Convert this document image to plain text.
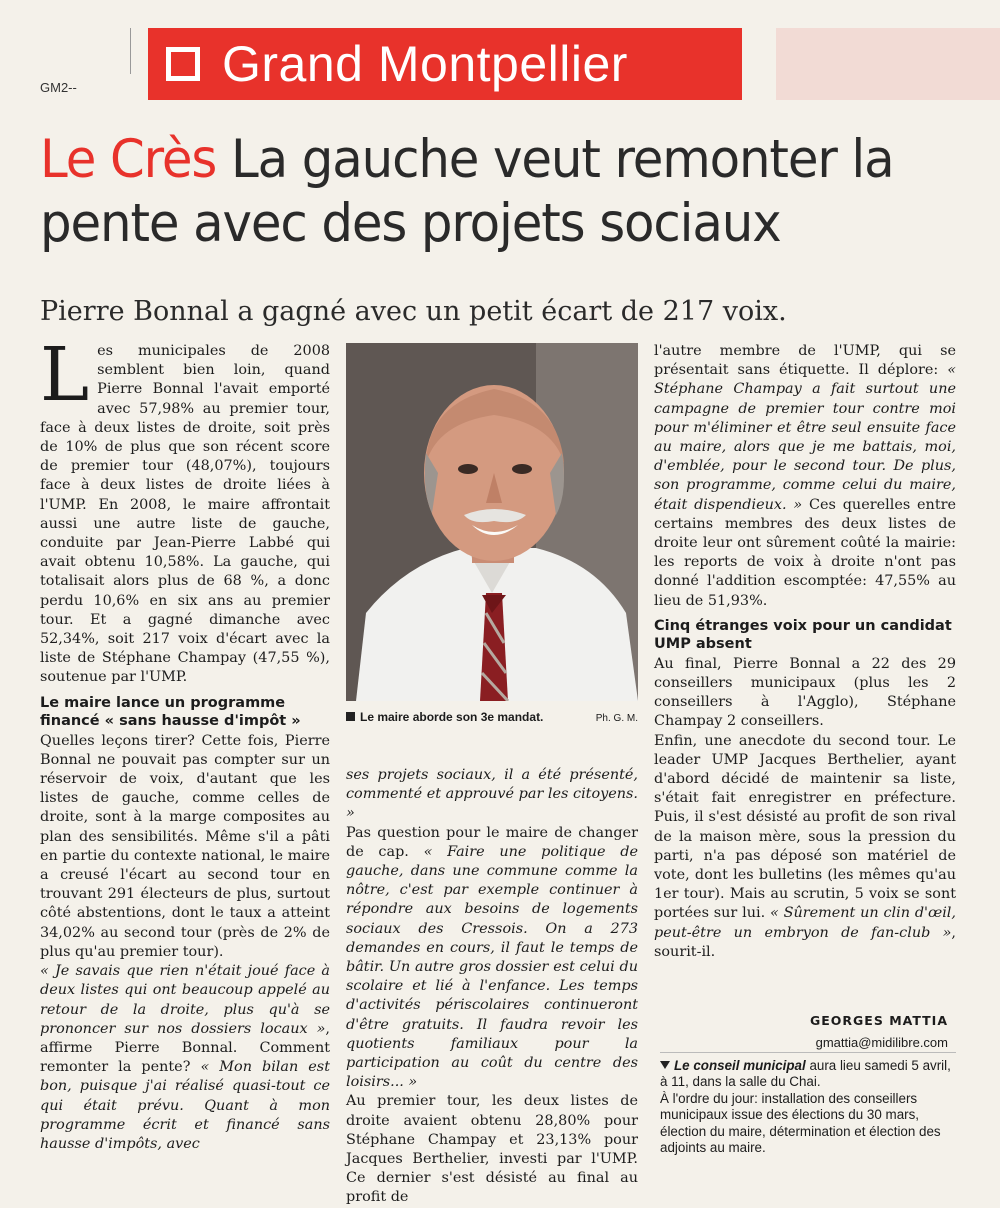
Grand Montpellier
GM2--
Le Crès La gauche veut remonter la pente avec des projets sociaux
Pierre Bonnal a gagné avec un petit écart de 217 voix.

Les municipales de 2008 semblent bien loin, quand Pierre Bonnal l'avait emporté avec 57,98% au premier tour, face à deux listes de droite, soit près de 10% de plus que son récent score de premier tour (48,07%), toujours face à deux listes de droite liées à l'UMP. En 2008, le maire affrontait aussi une autre liste de gauche, conduite par Jean-Pierre Labbé qui avait obtenu 10,58%. La gauche, qui totalisait alors plus de 68 %, a donc perdu 10,6% en six ans au premier tour. Et a gagné dimanche avec 52,34%, soit 217 voix d'écart avec la liste de Stéphane Champay (47,55 %), soutenue par l'UMP.

Le maire lance un programme financé « sans hausse d'impôt »

Quelles leçons tirer? Cette fois, Pierre Bonnal ne pouvait pas compter sur un réservoir de voix, d'autant que les listes de gauche, comme celles de droite, sont à la marge composites au plan des sensibilités. Même s'il a pâti en partie du contexte national, le maire a creusé l'écart au second tour en trouvant 291 électeurs de plus, surtout côté abstentions, dont le taux a atteint 34,02% au second tour (près de 2% de plus qu'au premier tour).

« Je savais que rien n'était joué face à deux listes qui ont beaucoup appelé au retour de la droite, plus qu'à se prononcer sur nos dossiers locaux », affirme Pierre Bonnal. Comment remonter la pente? « Mon bilan est bon, puisque j'ai réalisé quasi-tout ce qui était prévu. Quant à mon programme écrit et financé sans hausse d'impôts, avec

Le maire aborde son 3e mandat.	Ph. G. M.

ses projets sociaux, il a été présenté, commenté et approuvé par les citoyens. »

Pas question pour le maire de changer de cap. « Faire une politique de gauche, dans une commune comme la nôtre, c'est par exemple continuer à répondre aux besoins de logements sociaux des Cressois. On a 273 demandes en cours, il faut le temps de bâtir. Un autre gros dossier est celui du scolaire et lié à l'enfance. Les temps d'activités périscolaires continueront d'être gratuits. Il faudra revoir les quotients familiaux pour la participation au coût du centre des loisirs... »

Au premier tour, les deux listes de droite avaient obtenu 28,80% pour Stéphane Champay et 23,13% pour Jacques Berthelier, investi par l'UMP. Ce dernier s'est désisté au final au profit de

l'autre membre de l'UMP, qui se présentait sans étiquette. Il déplore: « Stéphane Champay a fait surtout une campagne de premier tour contre moi pour m'éliminer et être seul ensuite face au maire, alors que je me battais, moi, d'emblée, pour le second tour. De plus, son programme, comme celui du maire, était dispendieux. » Ces querelles entre certains membres des deux listes de droite leur ont sûrement coûté la mairie: les reports de voix à droite n'ont pas donné l'addition escomptée: 47,55% au lieu de 51,93%.

Cinq étranges voix pour un candidat UMP absent

Au final, Pierre Bonnal a 22 des 29 conseillers municipaux (plus les 2 conseillers à l'Agglo), Stéphane Champay 2 conseillers.

Enfin, une anecdote du second tour. Le leader UMP Jacques Berthelier, ayant d'abord décidé de maintenir sa liste, s'était fait enregistrer en préfecture. Puis, il s'est désisté au profit de son rival de la maison mère, sous la pression du parti, n'a pas déposé son matériel de vote, dont les bulletins (les mêmes qu'au 1er tour). Mais au scrutin, 5 voix se sont portées sur lui. « Sûrement un clin d'œil, peut-être un embryon de fan-club », sourit-il.

GEORGES MATTIA
gmattia@midilibre.com
Le conseil municipal aura lieu samedi 5 avril, à 11, dans la salle du Chai.
À l'ordre du jour: installation des conseillers municipaux issue des élections du 30 mars, élection du maire, détermination et élection des adjoints au maire.
